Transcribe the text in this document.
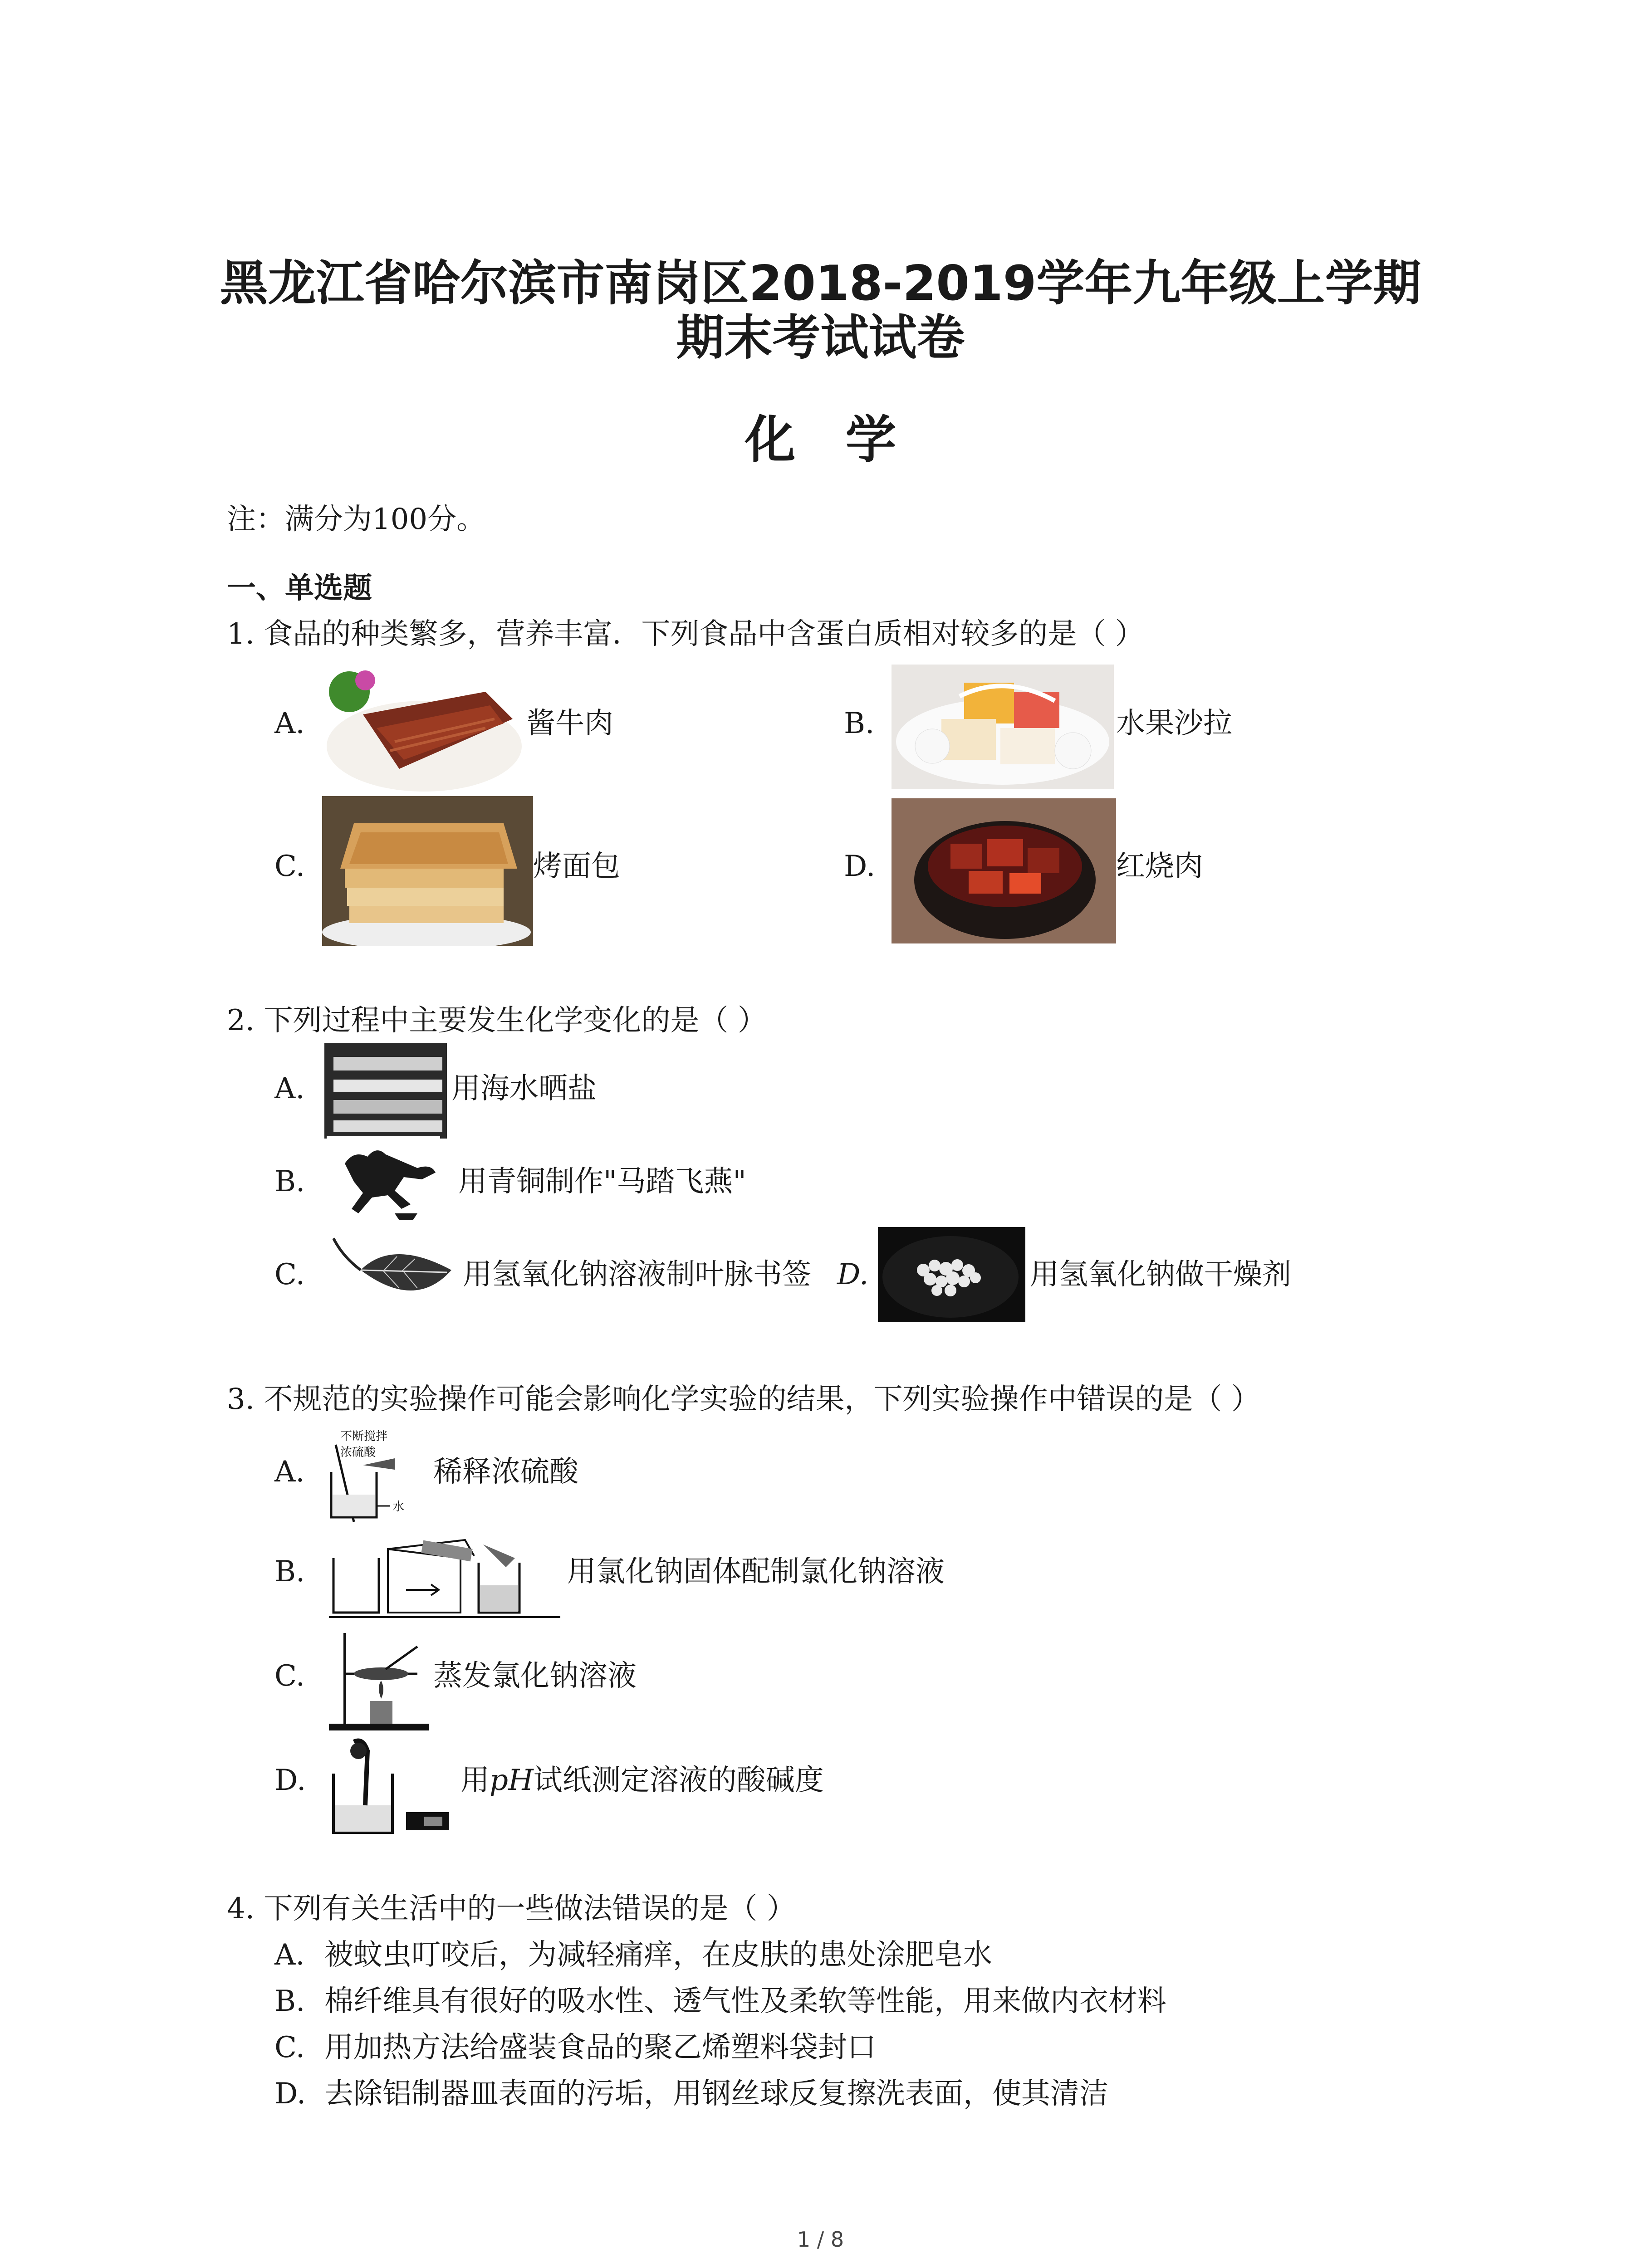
黑龙江省哈尔滨市南岗区2018-2019学年九年级上学期
期末考试试卷
化学
注：满分为100分。
一、单选题
1. 食品的种类繁多，营养丰富．下列食品中含蛋白质相对较多的是（ ）
A.	酱牛肉	B.	水果沙拉
C.	烤面包	D.	红烧肉
2. 下列过程中主要发生化学变化的是（ ）
A.	用海水晒盐
B.	用青铜制作"马踏飞燕"
C.	用氢氧化钠溶液制叶脉书签 D.	用氢氧化钠做干燥剂
3. 不规范的实验操作可能会影响化学实验的结果，下列实验操作中错误的是（ ）
A.
不断搅拌
浓硫酸
水
稀释浓硫酸
B.	用氯化钠固体配制氯化钠溶液
C.	蒸发氯化钠溶液
D.	用pH试纸测定溶液的酸碱度
4. 下列有关生活中的一些做法错误的是（ ）
A. 被蚊虫叮咬后，为减轻痛痒，在皮肤的患处涂肥皂水
B. 棉纤维具有很好的吸水性、透气性及柔软等性能，用来做内衣材料
C. 用加热方法给盛装食品的聚乙烯塑料袋封口
D. 去除铝制器皿表面的污垢，用钢丝球反复擦洗表面，使其清洁
1 / 8
